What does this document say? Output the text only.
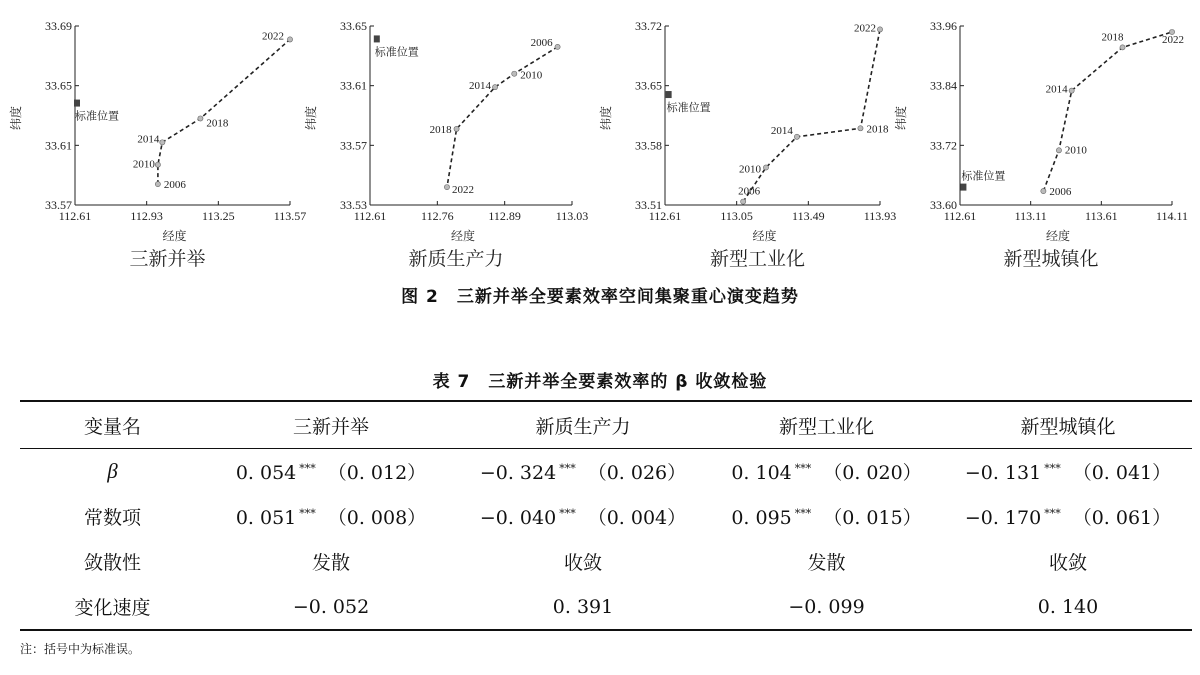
33.57
33.61
33.65
33.69
112.61	112.93	113.25	113.57
经度
纬度
三新并举
标准位置
2006
2010
2014
2018
2022
33.53
33.57
33.61
33.65
112.61	112.76	112.89	113.03
经度
纬度
新质生产力
标准位置
2006
2010
2014
2018
2022
33.51
33.58
33.65
33.72
112.61	113.05	113.49	113.93
经度
纬度
新型工业化
标准位置
2006
2010
2014	2018
2022
33.60
33.72
33.84
33.96
112.61	113.11	113.61	114.11
经度
纬度
新型城镇化
标准位置
2006
2010
2014
2018	2022
图 2　三新并举全要素效率空间集聚重心演变趋势
表 7　三新并举全要素效率的 β 收敛检验
变量名	三新并举	新质生产力	新型工业化	新型城镇化
β	0. 054 *** （0. 012）	−0. 324 *** （0. 026）	0. 104 *** （0. 020）	−0. 131 *** （0. 041）
常数项	0. 051 *** （0. 008）	−0. 040 *** （0. 004）	0. 095 *** （0. 015）	−0. 170 *** （0. 061）
敛散性	发散	收敛	发散	收敛
变化速度	−0. 052	0. 391	−0. 099	0. 140
注：括号中为标准误。
